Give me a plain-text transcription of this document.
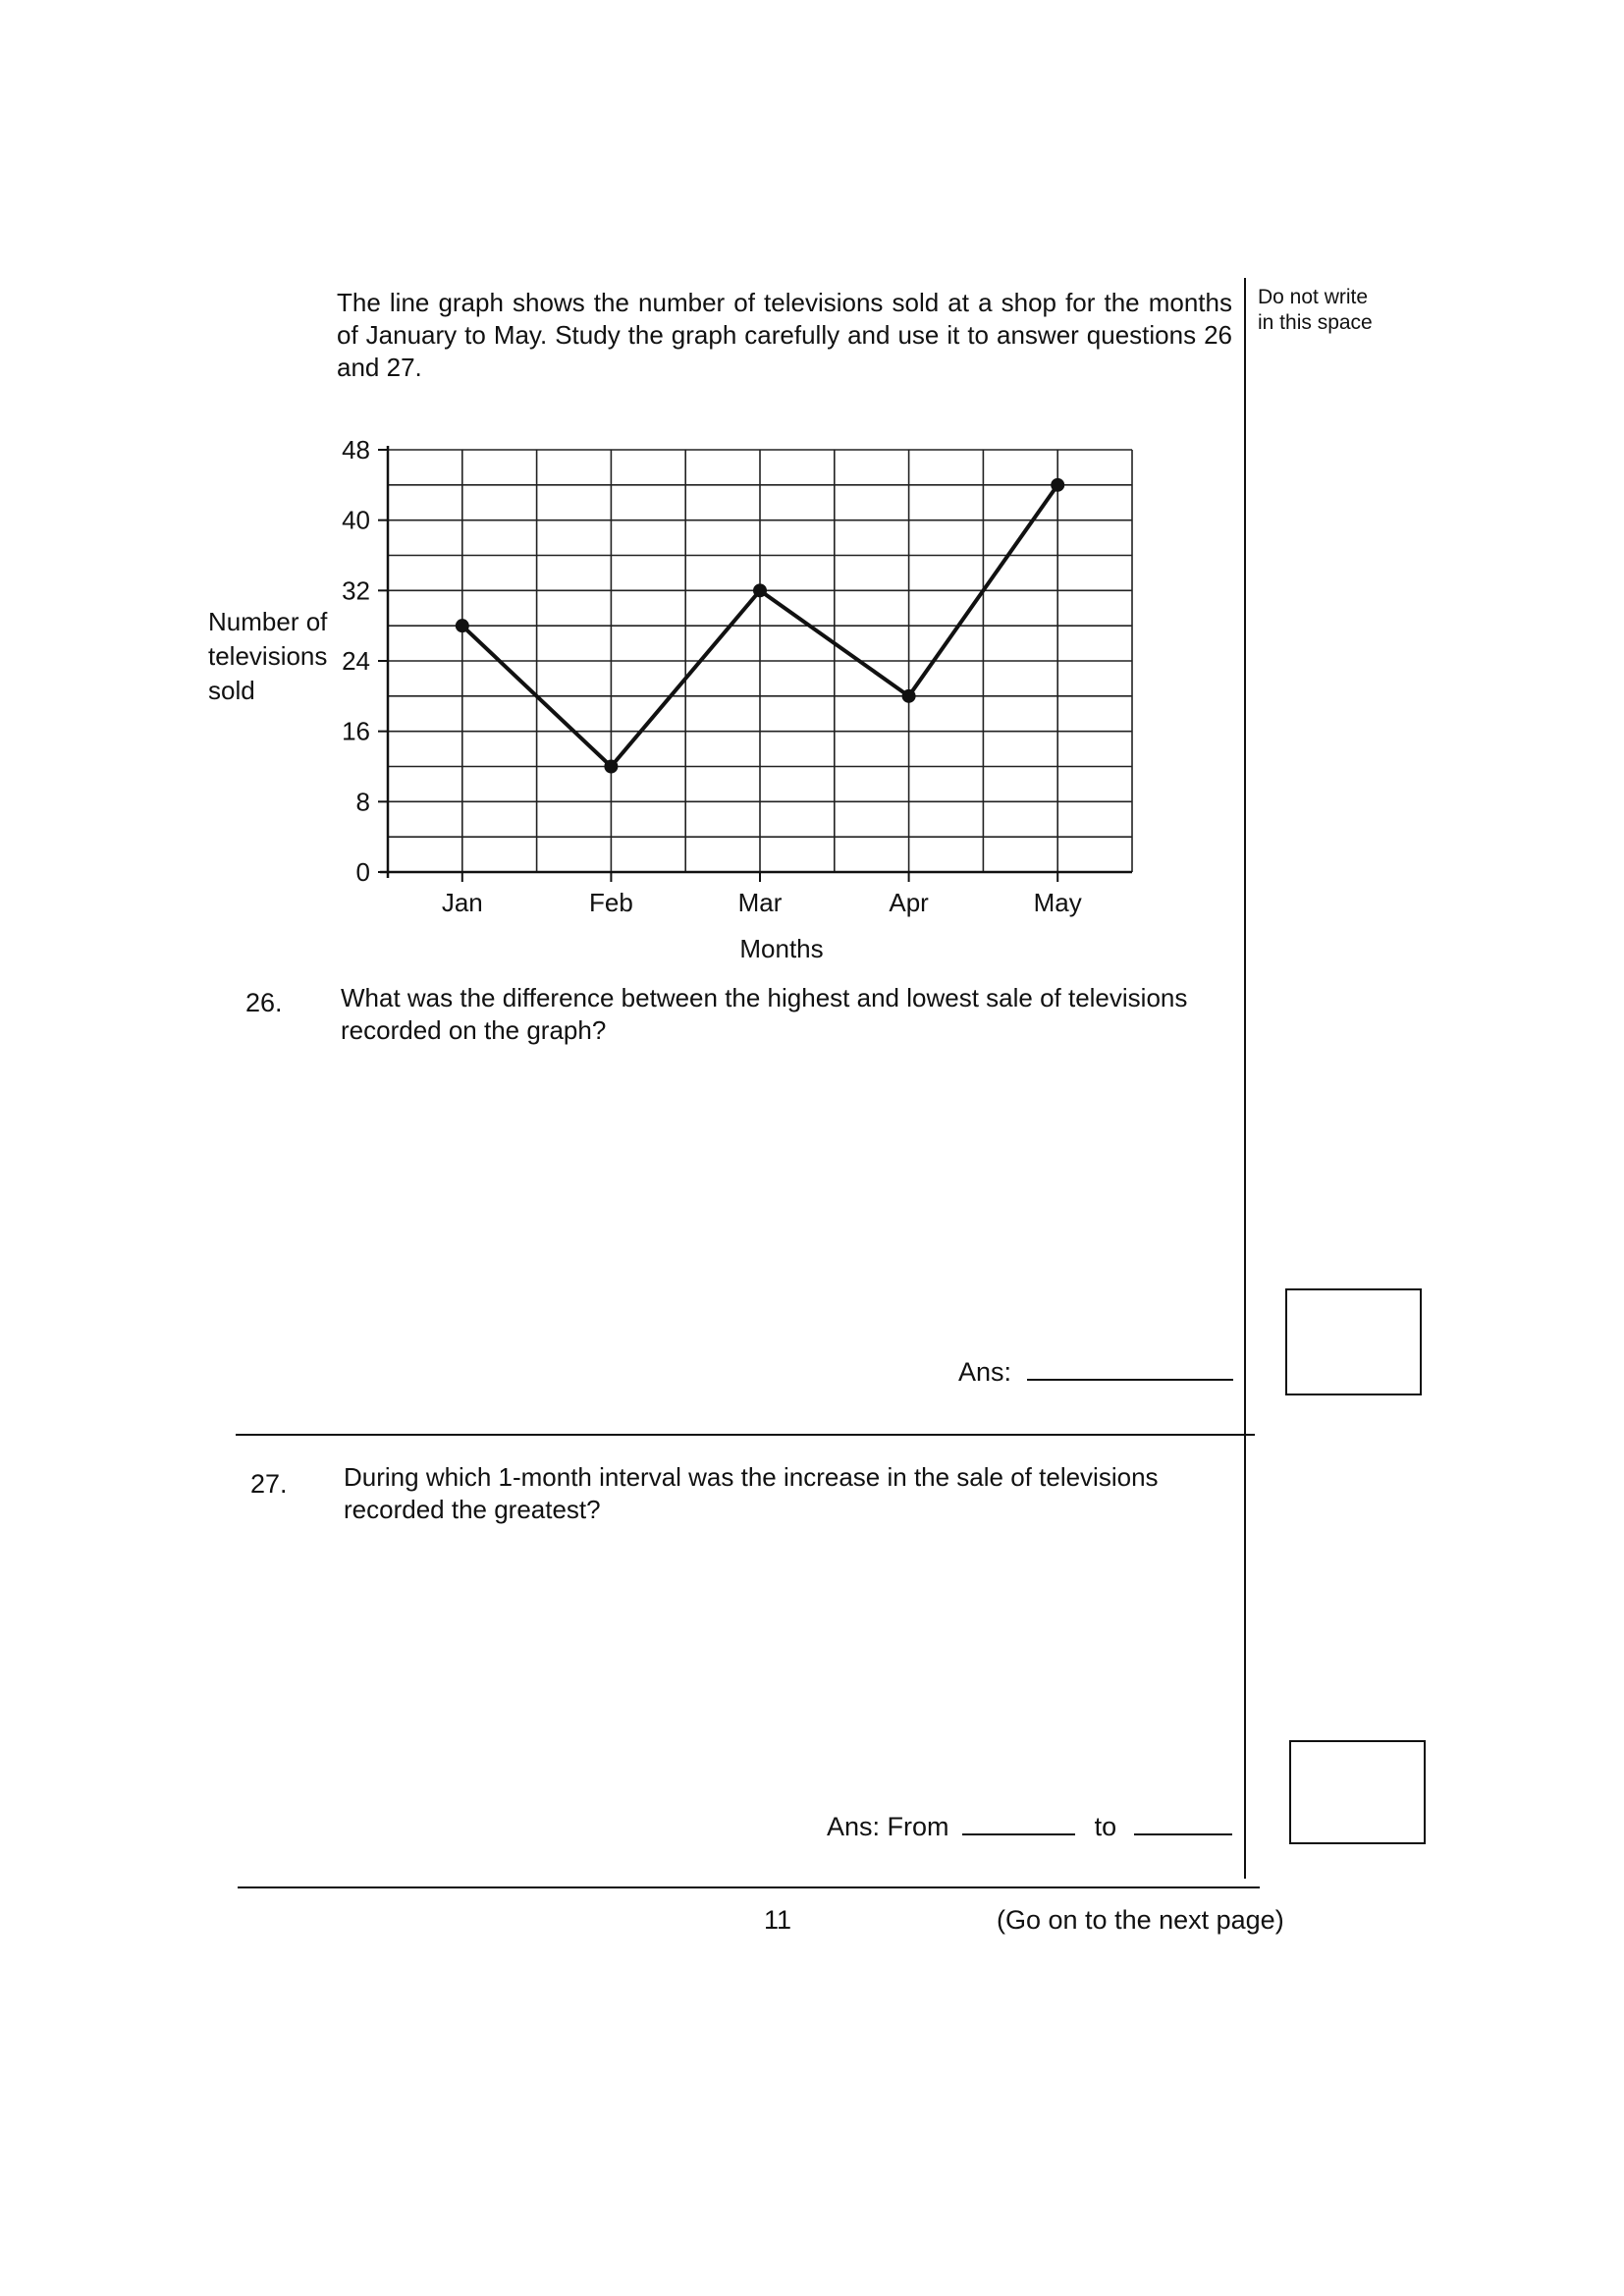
The line graph shows the number of televisions sold at a shop for the months of January to May. Study the graph carefully and use it to answer questions 26 and 27.
Do not write
in this space
0
8
16
24
32
40
48
Jan	Feb	Mar	Apr	May
Number of televisions sold
Months
26. What was the difference between the highest and lowest sale of televisions recorded on the graph?
Ans:
27. During which 1-month interval was the increase in the sale of televisions recorded the greatest?
Ans: From	to
11	(Go on to the next page)
